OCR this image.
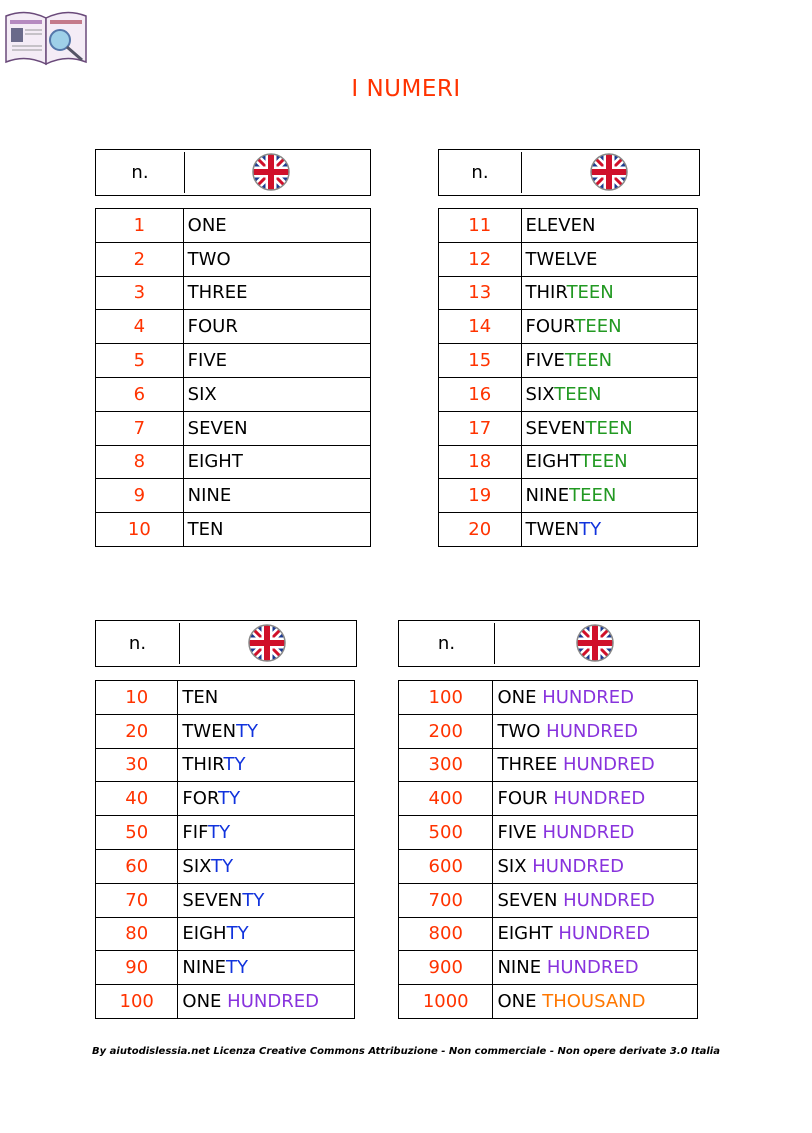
I NUMERI
n.	n.
n.	n.
1	ONE
2	TWO
3	THREE
4	FOUR
5	FIVE
6	SIX
7	SEVEN
8	EIGHT
9	NINE
10	TEN
11	ELEVEN
12	TWELVE
13	THIRTEEN
14	FOURTEEN
15	FIVETEEN
16	SIXTEEN
17	SEVENTEEN
18	EIGHTTEEN
19	NINETEEN
20	TWENTY
10	TEN
20	TWENTY
30	THIRTY
40	FORTY
50	FIFTY
60	SIXTY
70	SEVENTY
80	EIGHTY
90	NINETY
100	ONE HUNDRED
100	ONE HUNDRED
200	TWO HUNDRED
300	THREE HUNDRED
400	FOUR HUNDRED
500	FIVE HUNDRED
600	SIX HUNDRED
700	SEVEN HUNDRED
800	EIGHT HUNDRED
900	NINE HUNDRED
1000	ONE THOUSAND
By aiutodislessia.net Licenza Creative Commons Attribuzione - Non commerciale - Non opere derivate 3.0 Italia
